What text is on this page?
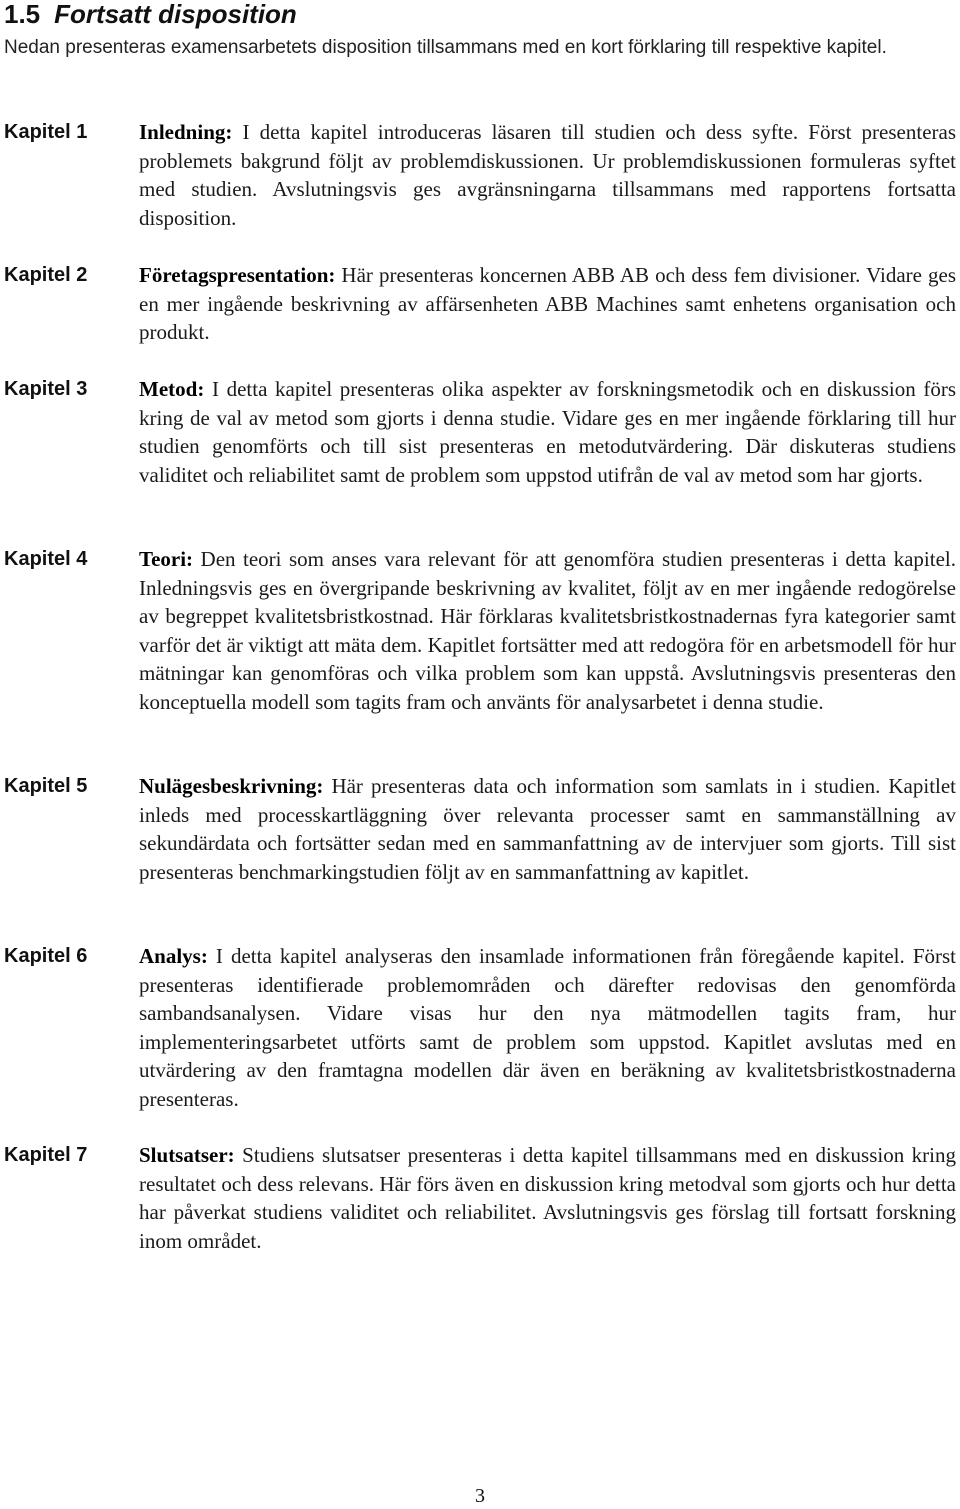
1.5 Fortsatt disposition

Nedan presenteras examensarbetets disposition tillsammans med en kort förklaring till respektive kapitel.

Kapitel 1 Inledning: I detta kapitel introduceras läsaren till studien och dess syfte. Först presenteras problemets bakgrund följt av problemdiskussionen. Ur problemdiskussionen formuleras syftet med studien. Avslutningsvis ges avgränsningarna tillsammans med rapportens fortsatta disposition.

Kapitel 2 Företagspresentation: Här presenteras koncernen ABB AB och dess fem divisioner. Vidare ges en mer ingående beskrivning av affärsenheten ABB Machines samt enhetens organisation och produkt.

Kapitel 3 Metod: I detta kapitel presenteras olika aspekter av forskningsmetodik och en diskussion förs kring de val av metod som gjorts i denna studie. Vidare ges en mer ingående förklaring till hur studien genomförts och till sist presenteras en metodutvärdering. Där diskuteras studiens validitet och reliabilitet samt de problem som uppstod utifrån de val av metod som har gjorts.

Kapitel 4 Teori: Den teori som anses vara relevant för att genomföra studien presenteras i detta kapitel. Inledningsvis ges en övergripande beskrivning av kvalitet, följt av en mer ingående redogörelse av begreppet kvalitetsbristkostnad. Här förklaras kvalitetsbristkostnadernas fyra kategorier samt varför det är viktigt att mäta dem. Kapitlet fortsätter med att redogöra för en arbetsmodell för hur mätningar kan genomföras och vilka problem som kan uppstå. Avslutningsvis presenteras den konceptuella modell som tagits fram och använts för analysarbetet i denna studie.

Kapitel 5 Nulägesbeskrivning: Här presenteras data och information som samlats in i studien. Kapitlet inleds med processkartläggning över relevanta processer samt en sammanställning av sekundärdata och fortsätter sedan med en sammanfattning av de intervjuer som gjorts. Till sist presenteras benchmarkingstudien följt av en sammanfattning av kapitlet.

Kapitel 6 Analys: I detta kapitel analyseras den insamlade informationen från föregående kapitel. Först presenteras identifierade problemområden och därefter redovisas den genomförda sambandsanalysen. Vidare visas hur den nya mätmodellen tagits fram, hur implementeringsarbetet utförts samt de problem som uppstod. Kapitlet avslutas med en utvärdering av den framtagna modellen där även en beräkning av kvalitetsbristkostnaderna presenteras.

Kapitel 7 Slutsatser: Studiens slutsatser presenteras i detta kapitel tillsammans med en diskussion kring resultatet och dess relevans. Här förs även en diskussion kring metodval som gjorts och hur detta har påverkat studiens validitet och reliabilitet. Avslutningsvis ges förslag till fortsatt forskning inom området.

3
